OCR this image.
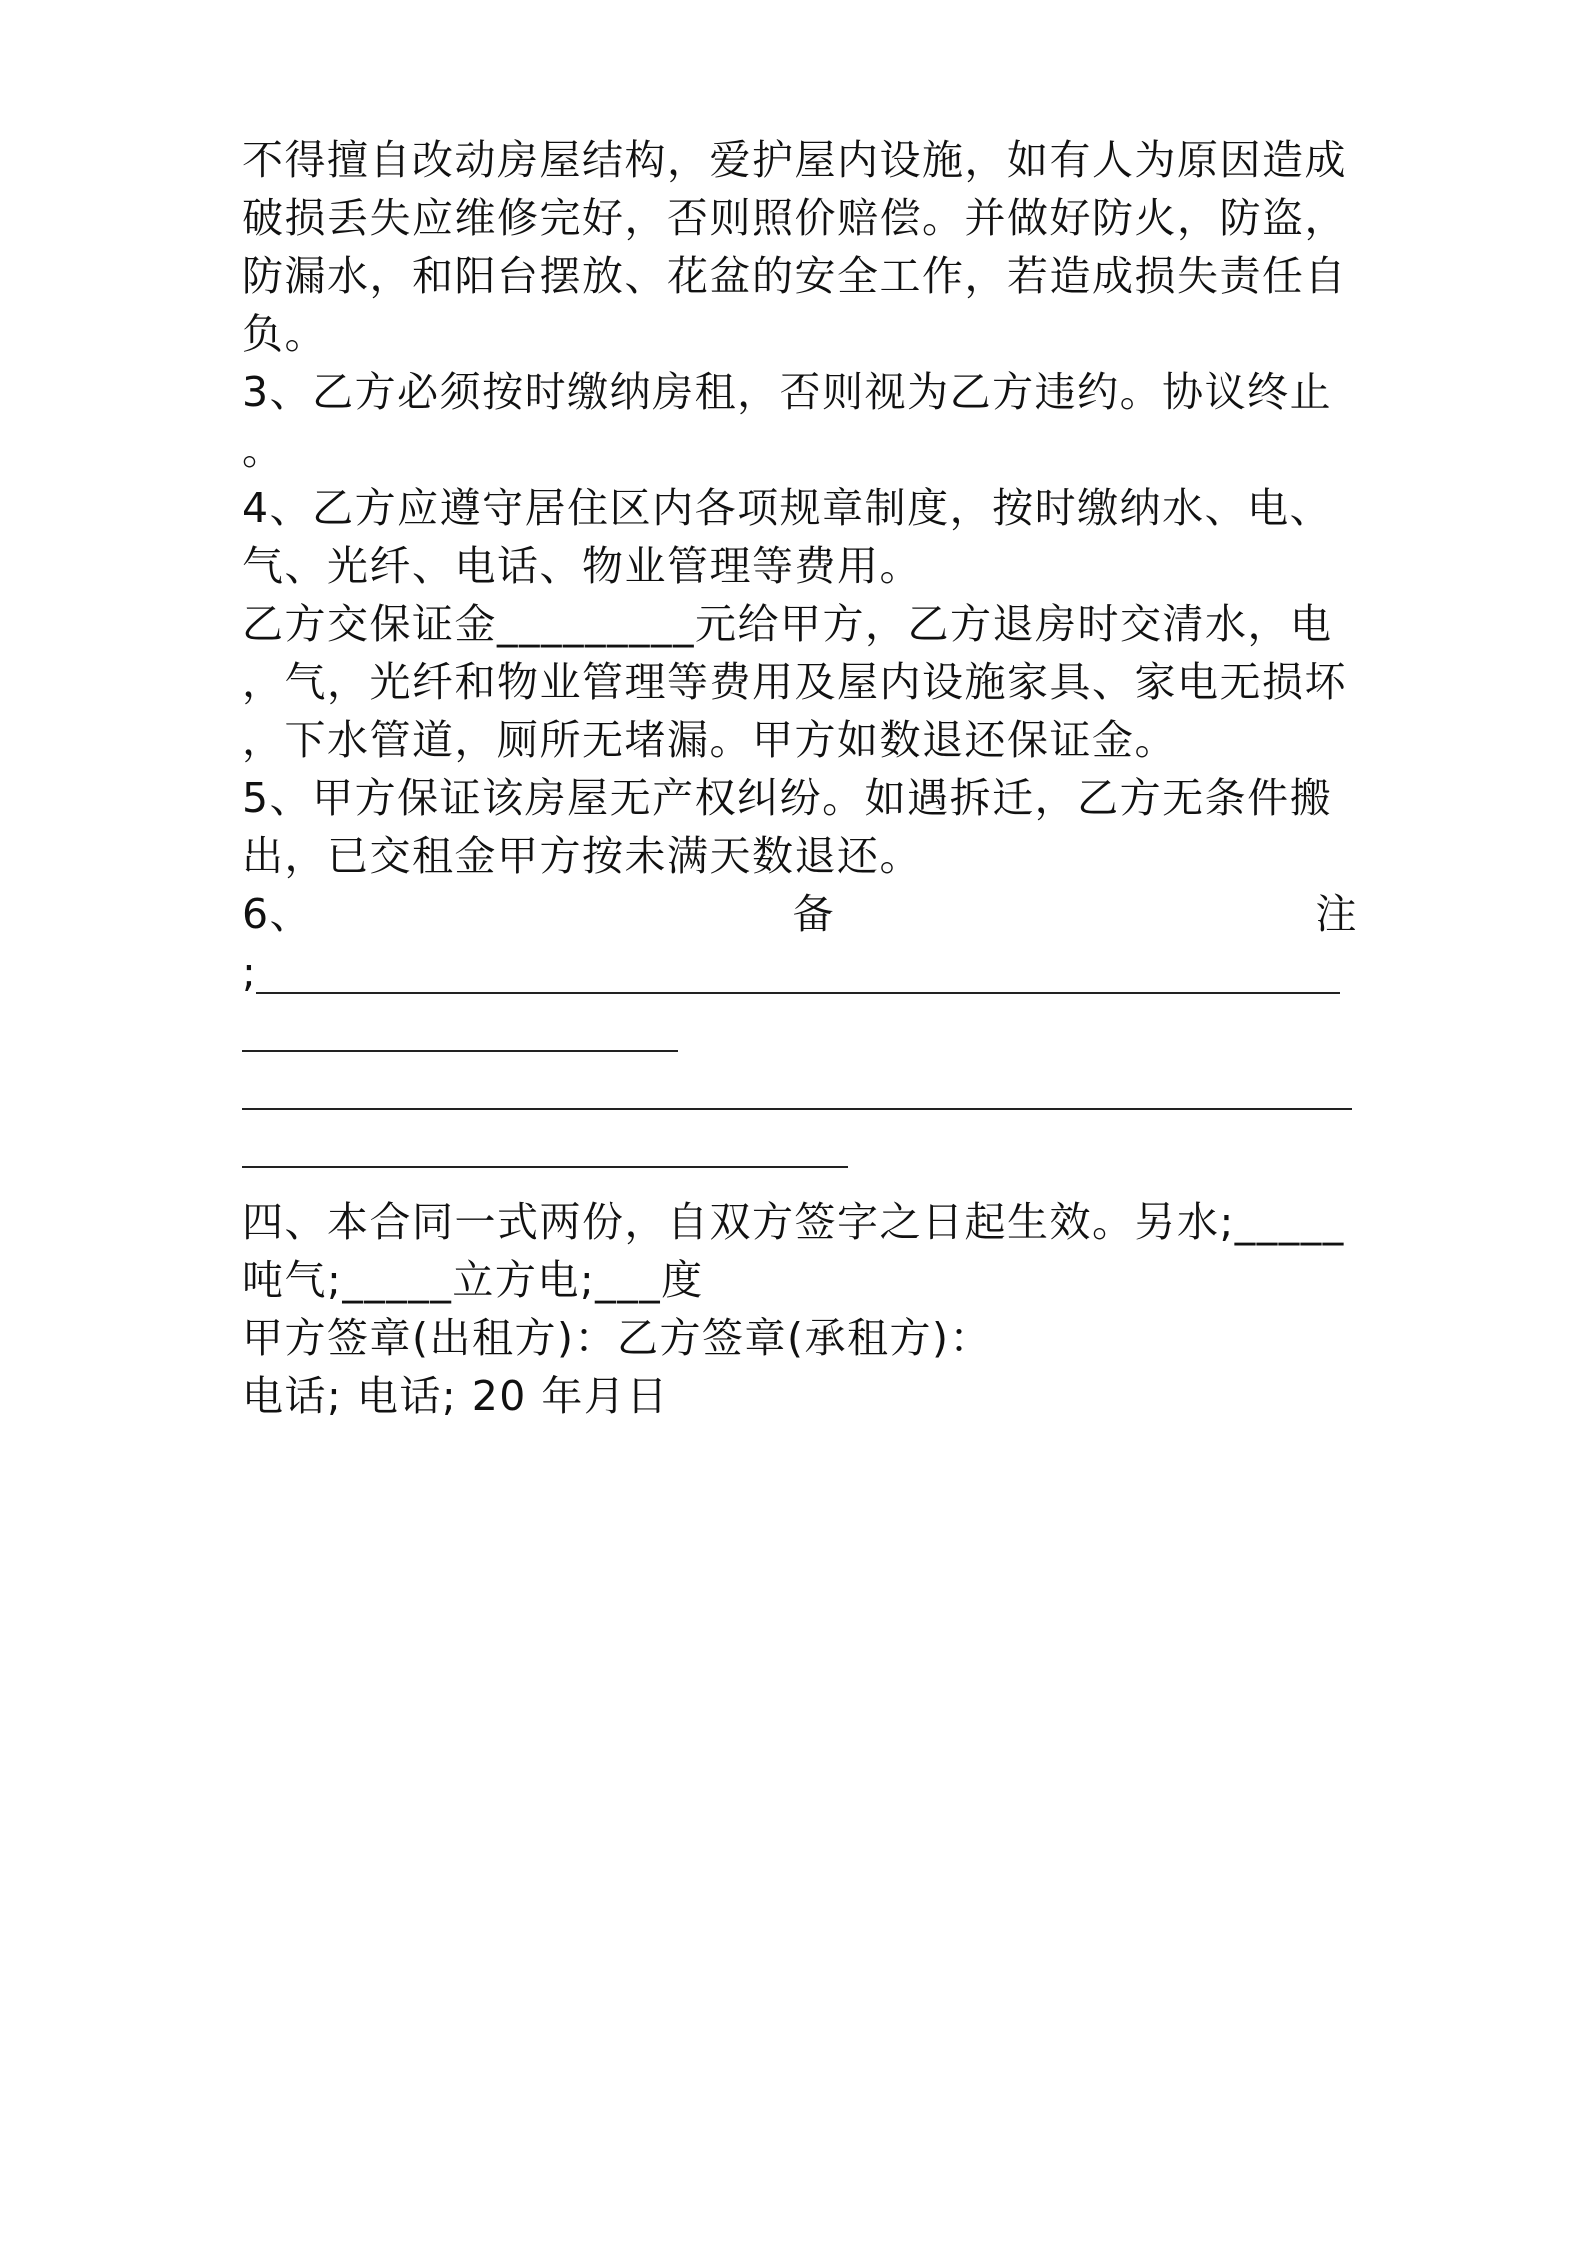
不得擅自改动房屋结构，爱护屋内设施，如有人为原因造成
破损丢失应维修完好，否则照价赔偿。并做好防火，防盗，
防漏水，和阳台摆放、花盆的安全工作，若造成损失责任自
负。
3、乙方必须按时缴纳房租，否则视为乙方违约。协议终止
。
4、乙方应遵守居住区内各项规章制度，按时缴纳水、电、
气、光纤、电话、物业管理等费用。
乙方交保证金_________元给甲方，乙方退房时交清水，电
，气，光纤和物业管理等费用及屋内设施家具、家电无损坏
，下水管道，厕所无堵漏。甲方如数退还保证金。
5、甲方保证该房屋无产权纠纷。如遇拆迁，乙方无条件搬
出，已交租金甲方按未满天数退还。
6、	备	注
;
四、本合同一式两份，自双方签字之日起生效。另水;_____
吨气;_____立方电;___度
甲方签章(出租方)：乙方签章(承租方)：
电话; 电话; 20 年月日
